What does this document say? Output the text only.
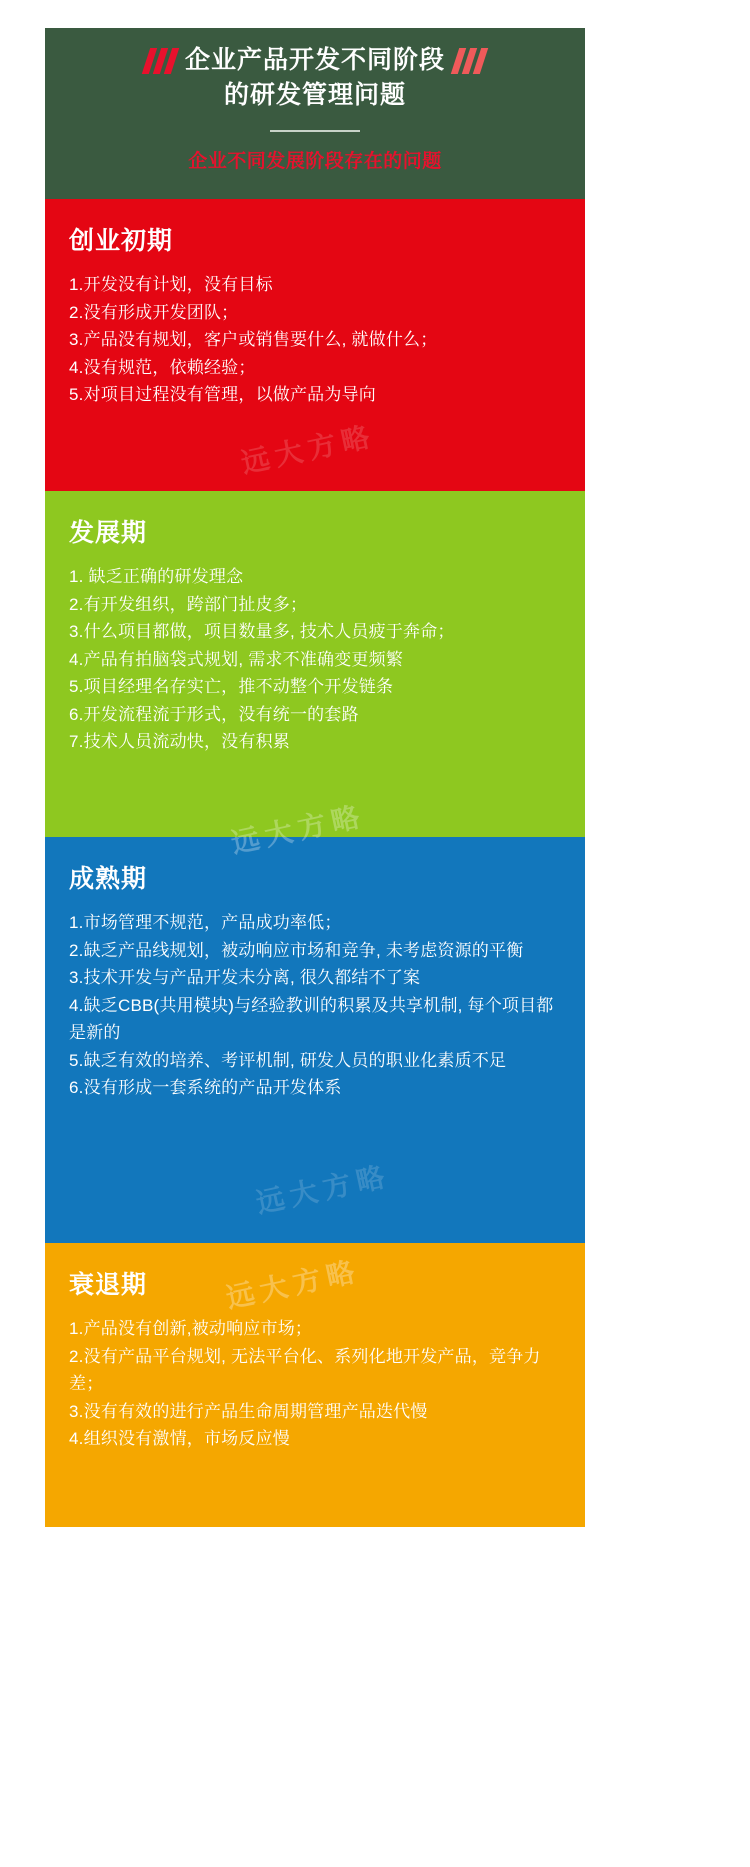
企业产品开发不同阶段
的研发管理问题
企业不同发展阶段存在的问题
创业初期
1.开发没有计划，没有目标
2.没有形成开发团队；
3.产品没有规划，客户或销售要什么, 就做什么；
4.没有规范，依赖经验；
5.对项目过程没有管理，以做产品为导向
发展期
1. 缺乏正确的研发理念
2.有开发组织，跨部门扯皮多；
3.什么项目都做，项目数量多, 技术人员疲于奔命；
4.产品有拍脑袋式规划, 需求不准确变更频繁
5.项目经理名存实亡，推不动整个开发链条
6.开发流程流于形式，没有统一的套路
7.技术人员流动快，没有积累
成熟期
1.市场管理不规范，产品成功率低；
2.缺乏产品线规划，被动响应市场和竞争, 未考虑资源的平衡
3.技术开发与产品开发未分离, 很久都结不了案
4.缺乏CBB(共用模块)与经验教训的积累及共享机制, 每个项目都是新的
5.缺乏有效的培养、考评机制, 研发人员的职业化素质不足
6.没有形成一套系统的产品开发体系
衰退期
1.产品没有创新,被动响应市场；
2.没有产品平台规划, 无法平台化、系列化地开发产品，竞争力差；
3.没有有效的进行产品生命周期管理产品迭代慢
4.组织没有激情，市场反应慢
远大方略
远大方略
